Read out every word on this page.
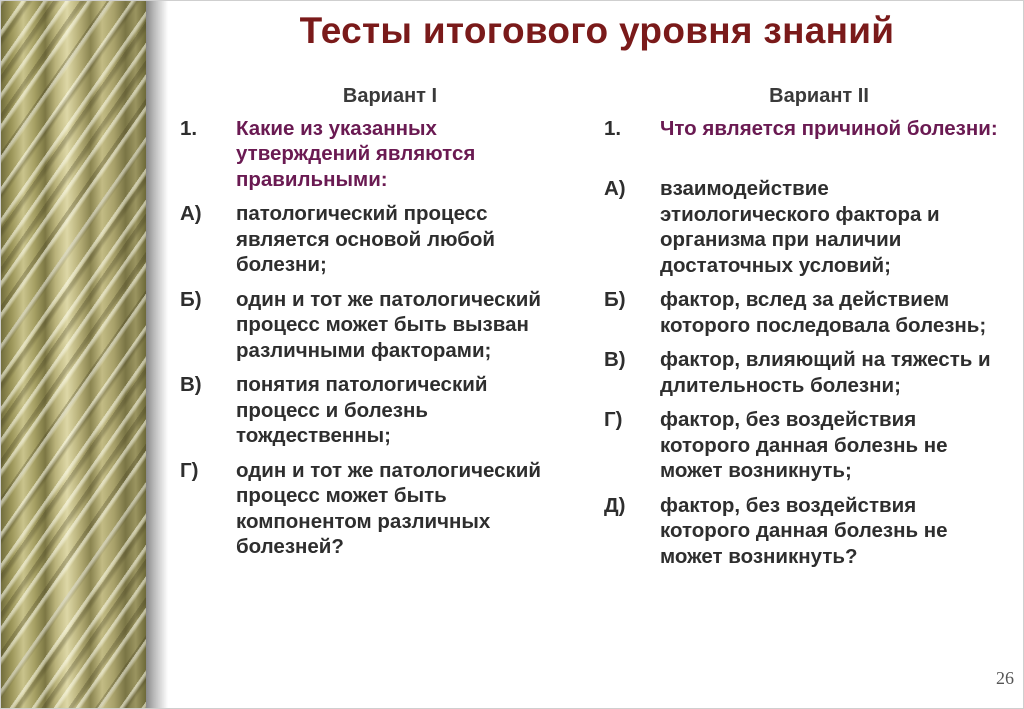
Тесты итогового уровня знаний
Вариант I
1.	Какие из указанных утверждений являются правильными:
А)	патологический процесс является основой любой болезни;
Б)	один и тот же патологический процесс может быть вызван различными факторами;
В)	понятия патологический процесс и болезнь тождественны;
Г)	один и тот же патологический процесс может быть компонентом различных болезней?
Вариант II
1.	Что является причиной болезни:
А)	взаимодействие этиологического фактора и организма при наличии достаточных условий;
Б)	фактор, вслед за действием которого последовала болезнь;
В)	фактор, влияющий на тяжесть и длительность болезни;
Г)	фактор, без воздействия которого данная болезнь не может возникнуть;
Д)	фактор, без воздействия которого данная болезнь не может возникнуть?
26
